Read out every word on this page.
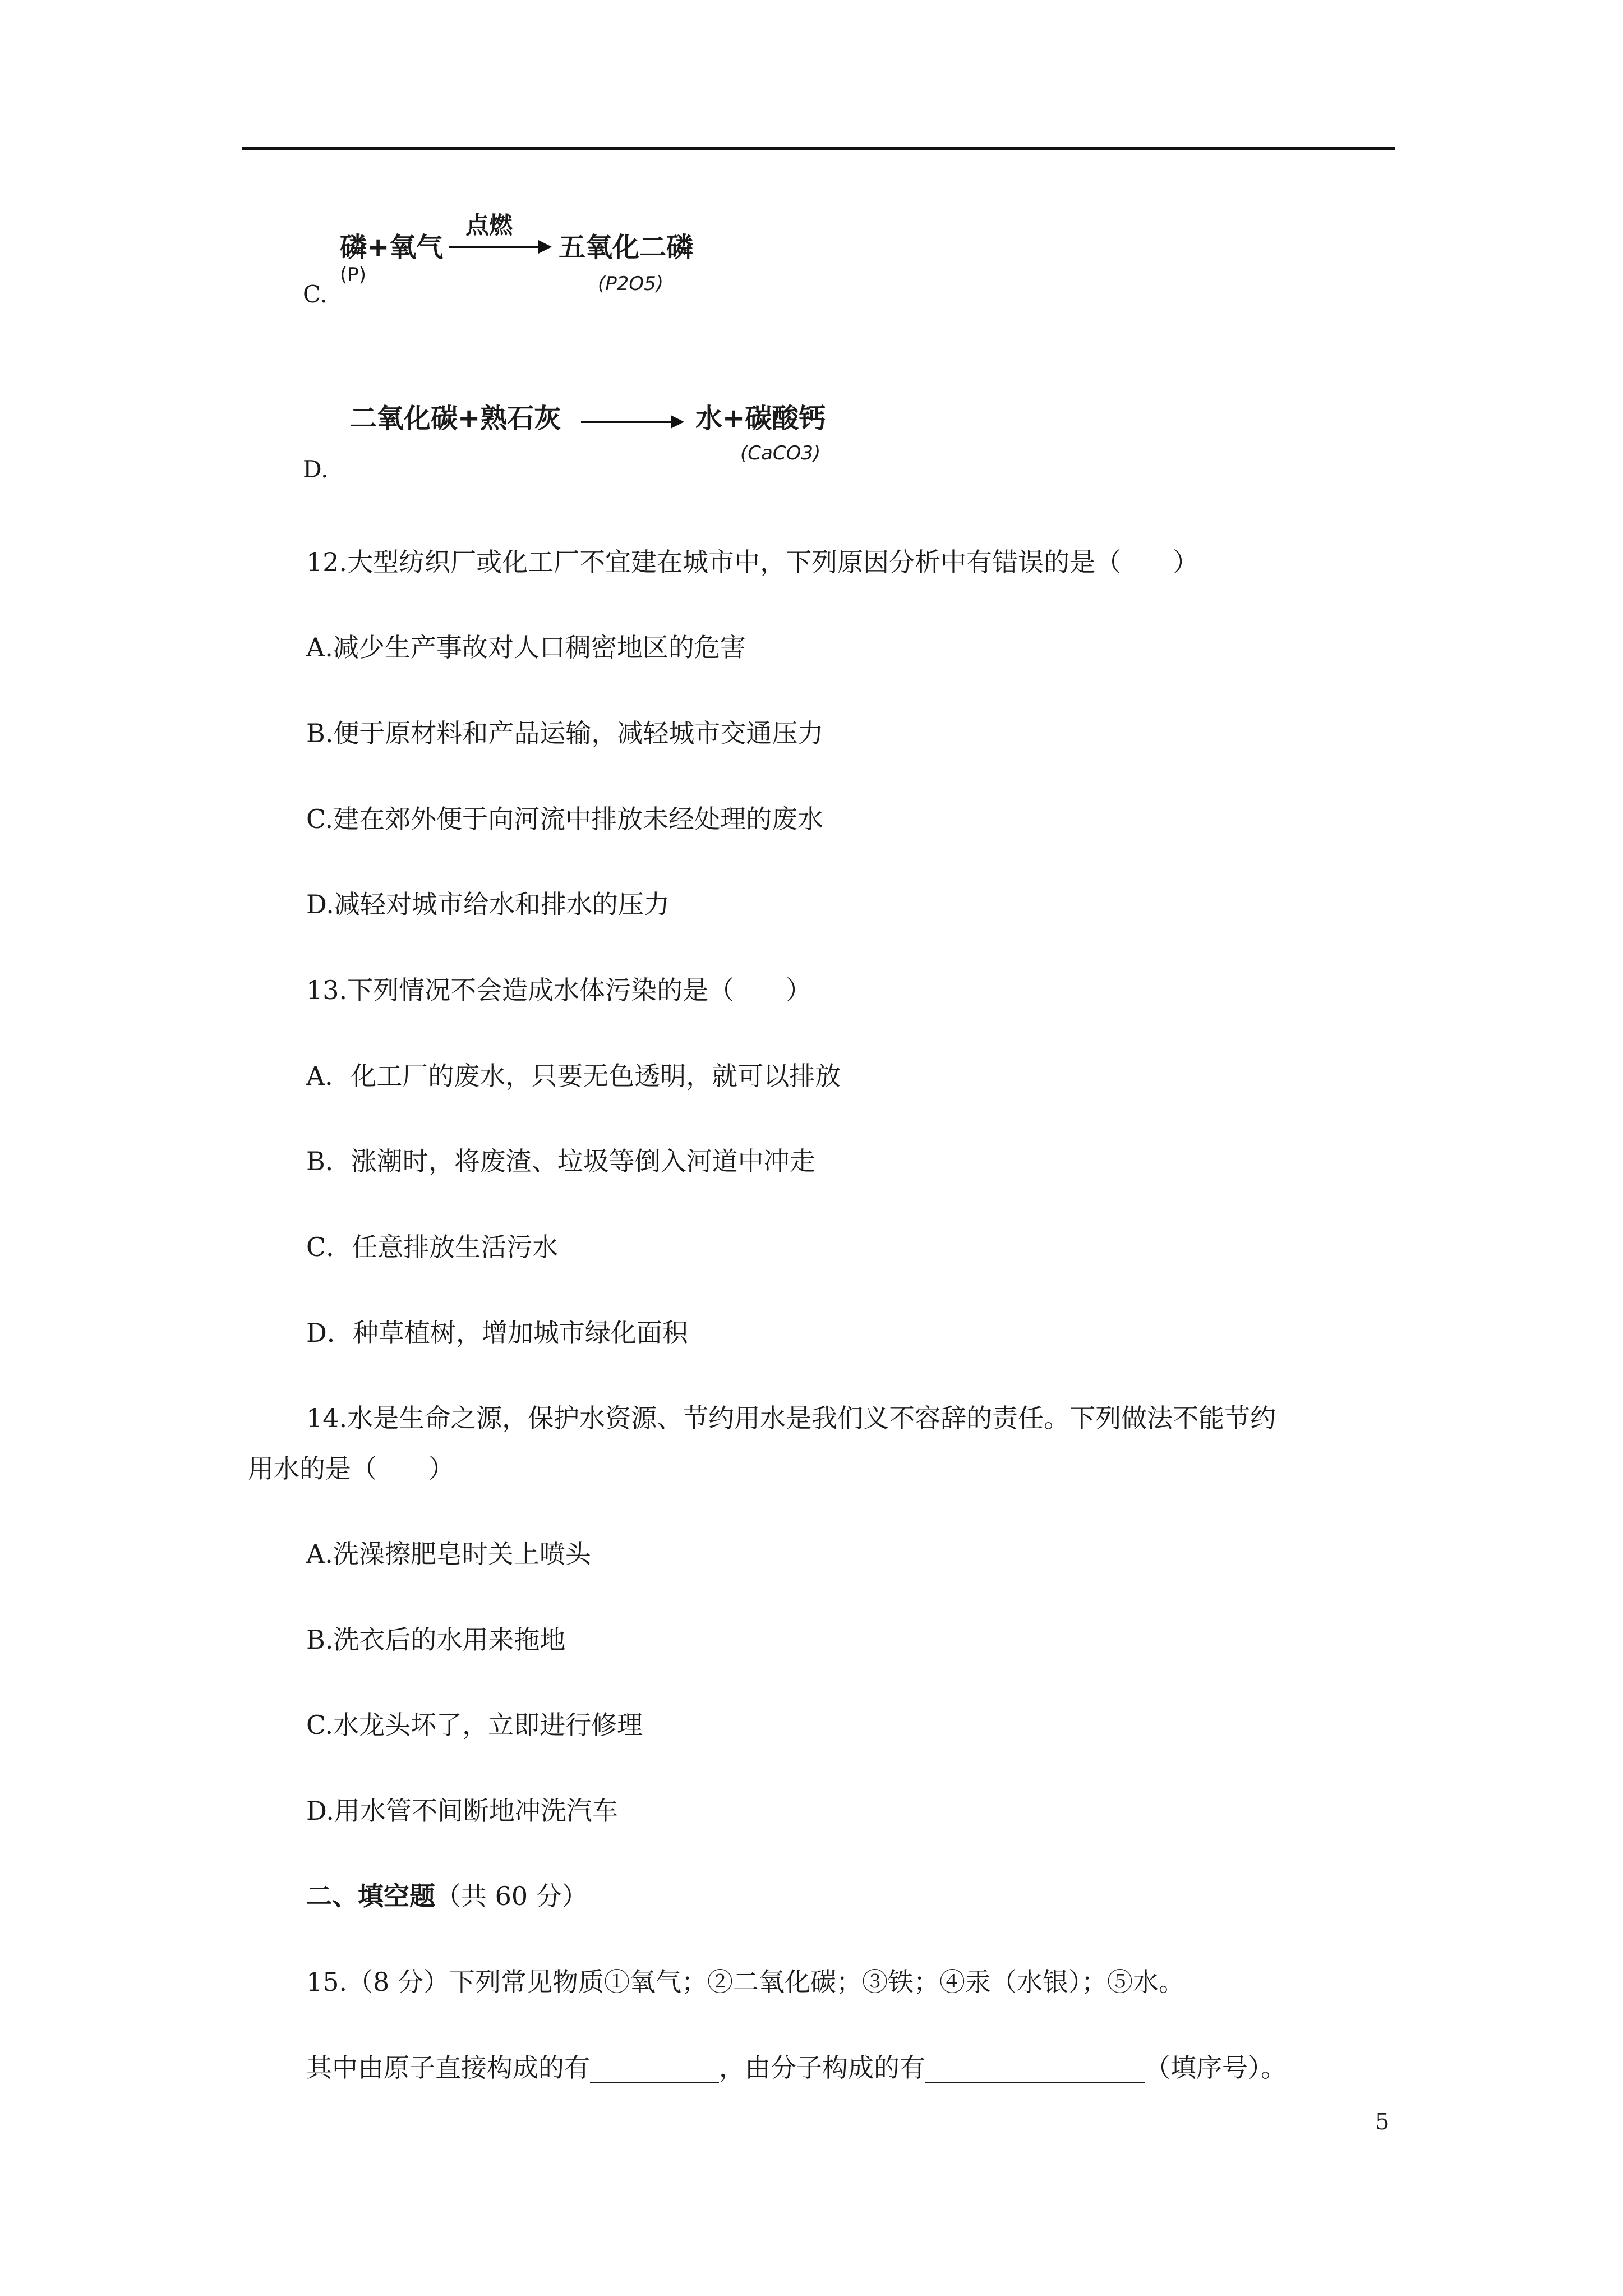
C.
磷+氧气
(P)
点燃
五氧化二磷
(P2O5)
D.
二氧化碳+熟石灰	水+碳酸钙
(CaCO3)
12.大型纺织厂或化工厂不宜建在城市中，下列原因分析中有错误的是（　　）
A.减少生产事故对人口稠密地区的危害
B.便于原材料和产品运输，减轻城市交通压力
C.建在郊外便于向河流中排放未经处理的废水
D.减轻对城市给水和排水的压力
13.下列情况不会造成水体污染的是（　　）
A．化工厂的废水，只要无色透明，就可以排放
B．涨潮时，将废渣、垃圾等倒入河道中冲走
C．任意排放生活污水
D．种草植树，增加城市绿化面积
14.水是生命之源，保护水资源、节约用水是我们义不容辞的责任。下列做法不能节约
用水的是（　　）
A.洗澡擦肥皂时关上喷头
B.洗衣后的水用来拖地
C.水龙头坏了，立即进行修理
D.用水管不间断地冲洗汽车
二、填空题（共 60 分）
15.（8 分）下列常见物质①氧气；②二氧化碳；③铁；④汞（水银）；⑤水。
其中由原子直接构成的有__________，由分子构成的有_________________（填序号）。
5
